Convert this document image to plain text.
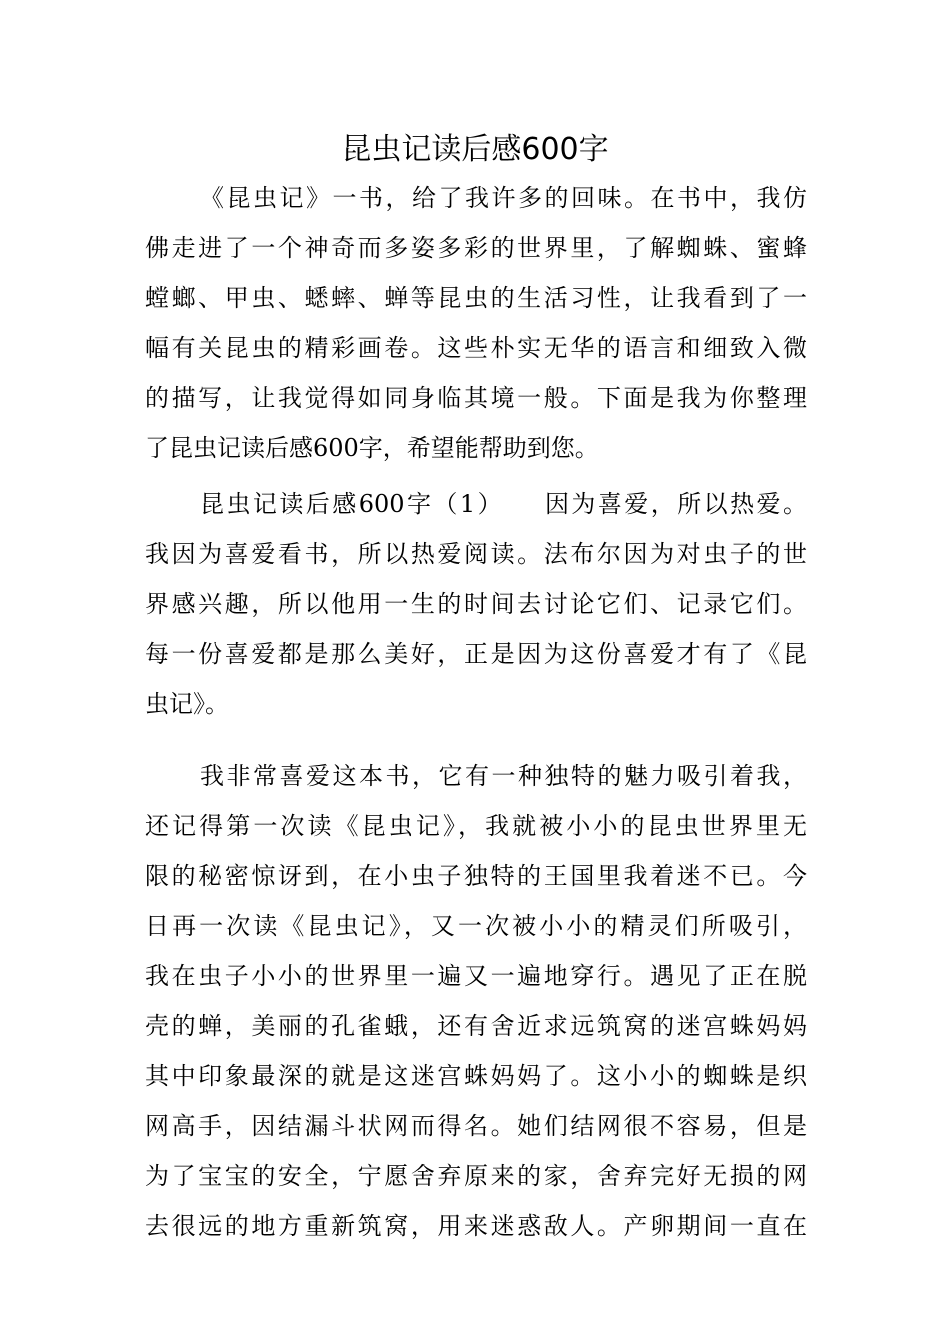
昆虫记读后感600字
《昆虫记》一书，给了我许多的回味。在书中，我仿
佛走进了一个神奇而多姿多彩的世界里，了解蜘蛛、蜜蜂
螳螂、甲虫、蟋蟀、蝉等昆虫的生活习性，让我看到了一
幅有关昆虫的精彩画卷。这些朴实无华的语言和细致入微
的描写，让我觉得如同身临其境一般。下面是我为你整理
了昆虫记读后感600字，希望能帮助到您。
昆虫记读后感600字（1）　　因为喜爱，所以热爱。
我因为喜爱看书，所以热爱阅读。法布尔因为对虫子的世
界感兴趣，所以他用一生的时间去讨论它们、记录它们。
每一份喜爱都是那么美好，正是因为这份喜爱才有了《昆
虫记》。
我非常喜爱这本书，它有一种独特的魅力吸引着我，
还记得第一次读《昆虫记》，我就被小小的昆虫世界里无
限的秘密惊讶到，在小虫子独特的王国里我着迷不已。今
日再一次读《昆虫记》，又一次被小小的精灵们所吸引，
我在虫子小小的世界里一遍又一遍地穿行。遇见了正在脱
壳的蝉，美丽的孔雀蛾，还有舍近求远筑窝的迷宫蛛妈妈
其中印象最深的就是这迷宫蛛妈妈了。这小小的蜘蛛是织
网高手，因结漏斗状网而得名。她们结网很不容易，但是
为了宝宝的安全，宁愿舍弃原来的家，舍弃完好无损的网
去很远的地方重新筑窝，用来迷惑敌人。产卵期间一直在
